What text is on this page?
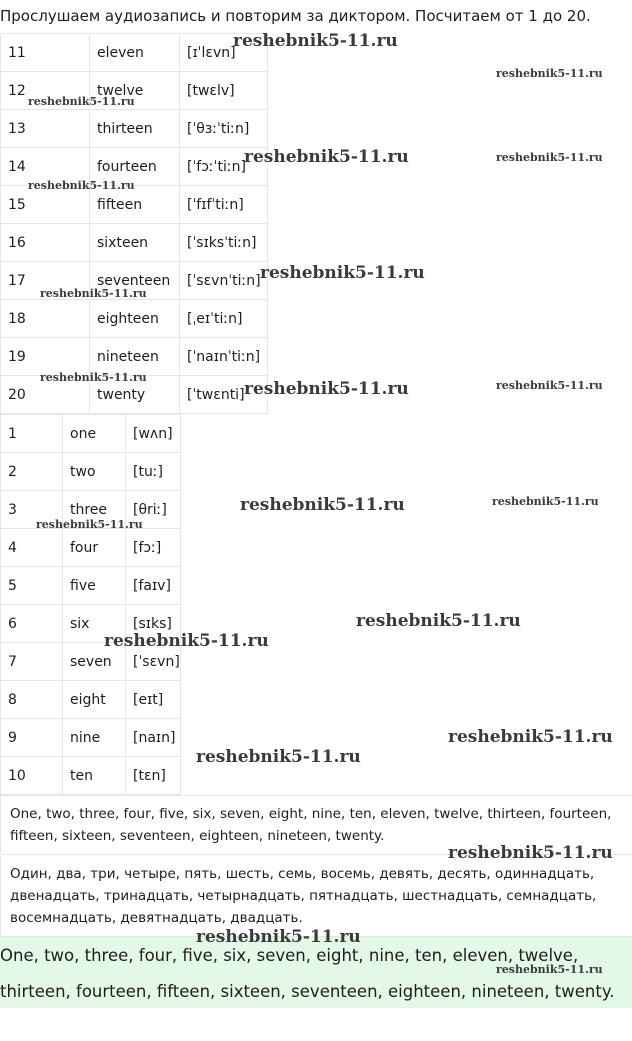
Прослушаем аудиозапись и повторим за диктором. Посчитаем от 1 до 20.
11	eleven	[ɪˈlɛvn]
12	twelve	[twɛlv]
13	thirteen	[ˈθɜːˈtiːn]
14	fourteen	[ˈfɔːˈtiːn]
15	fifteen	[ˈfɪfˈtiːn]
16	sixteen	[ˈsɪksˈtiːn]
17	seventeen	[ˈsɛvnˈtiːn]
18	eighteen	[ˌeɪˈtiːn]
19	nineteen	[ˈnaɪnˈtiːn]
20	twenty	[ˈtwɛnti]
1	one	[wʌn]
2	two	[tuː]
3	three	[θriː]
4	four	[fɔː]
5	five	[faɪv]
6	six	[sɪks]
7	seven	[ˈsɛvn]
8	eight	[eɪt]
9	nine	[naɪn]
10	ten	[tɛn]
One, two, three, four, five, six, seven, eight, nine, ten, eleven, twelve, thirteen, fourteen, fifteen, sixteen, seventeen, eighteen, nineteen, twenty.
Один, два, три, четыре, пять, шесть, семь, восемь, девять, десять, одиннадцать, двенадцать, тринадцать, четырнадцать, пятнадцать, шестнадцать, семнадцать, восемнадцать, девятнадцать, двадцать.
One, two, three, four, five, six, seven, eight, nine, ten, eleven, twelve, thirteen, fourteen, fifteen, sixteen, seventeen, eighteen, nineteen, twenty.
reshebnik5-11.ru
reshebnik5-11.ru
reshebnik5-11.ru
reshebnik5-11.ru	reshebnik5-11.ru
reshebnik5-11.ru
reshebnik5-11.ru
reshebnik5-11.ru
reshebnik5-11.ru
reshebnik5-11.ru	reshebnik5-11.ru
reshebnik5-11.ru	reshebnik5-11.ru
reshebnik5-11.ru
reshebnik5-11.ru
reshebnik5-11.ru
reshebnik5-11.ru
reshebnik5-11.ru
reshebnik5-11.ru
reshebnik5-11.ru
reshebnik5-11.ru
